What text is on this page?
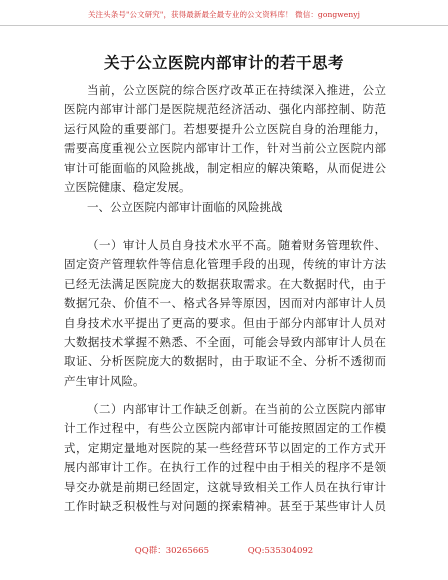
关注头条号"公文研究"，获得最新最全最专业的公文资料库！ 微信：gongwenyj
关于公立医院内部审计的若干思考
当前，公立医院的综合医疗改革正在持续深入推进，公立
医院内部审计部门是医院规范经济活动、强化内部控制、防范
运行风险的重要部门。若想要提升公立医院自身的治理能力，
需要高度重视公立医院内部审计工作，针对当前公立医院内部
审计可能面临的风险挑战，制定相应的解决策略，从而促进公
立医院健康、稳定发展。
一、公立医院内部审计面临的风险挑战
（一）审计人员自身技术水平不高。随着财务管理软件、
固定资产管理软件等信息化管理手段的出现，传统的审计方法
已经无法满足医院庞大的数据获取需求。在大数据时代，由于
数据冗杂、价值不一、格式各异等原因，因而对内部审计人员
自身技术水平提出了更高的要求。但由于部分内部审计人员对
大数据技术掌握不熟悉、不全面，可能会导致内部审计人员在
取证、分析医院庞大的数据时，由于取证不全、分析不透彻而
产生审计风险。
（二）内部审计工作缺乏创新。在当前的公立医院内部审
计工作过程中，有些公立医院内部审计可能按照固定的工作模
式，定期定量地对医院的某一些经营环节以固定的工作方式开
展内部审计工作。在执行工作的过程中由于相关的程序不是领
导交办就是前期已经固定，这就导致相关工作人员在执行审计
工作时缺乏积极性与对问题的探索精神。甚至于某些审计人员
QQ群：30265665	QQ:535304092
